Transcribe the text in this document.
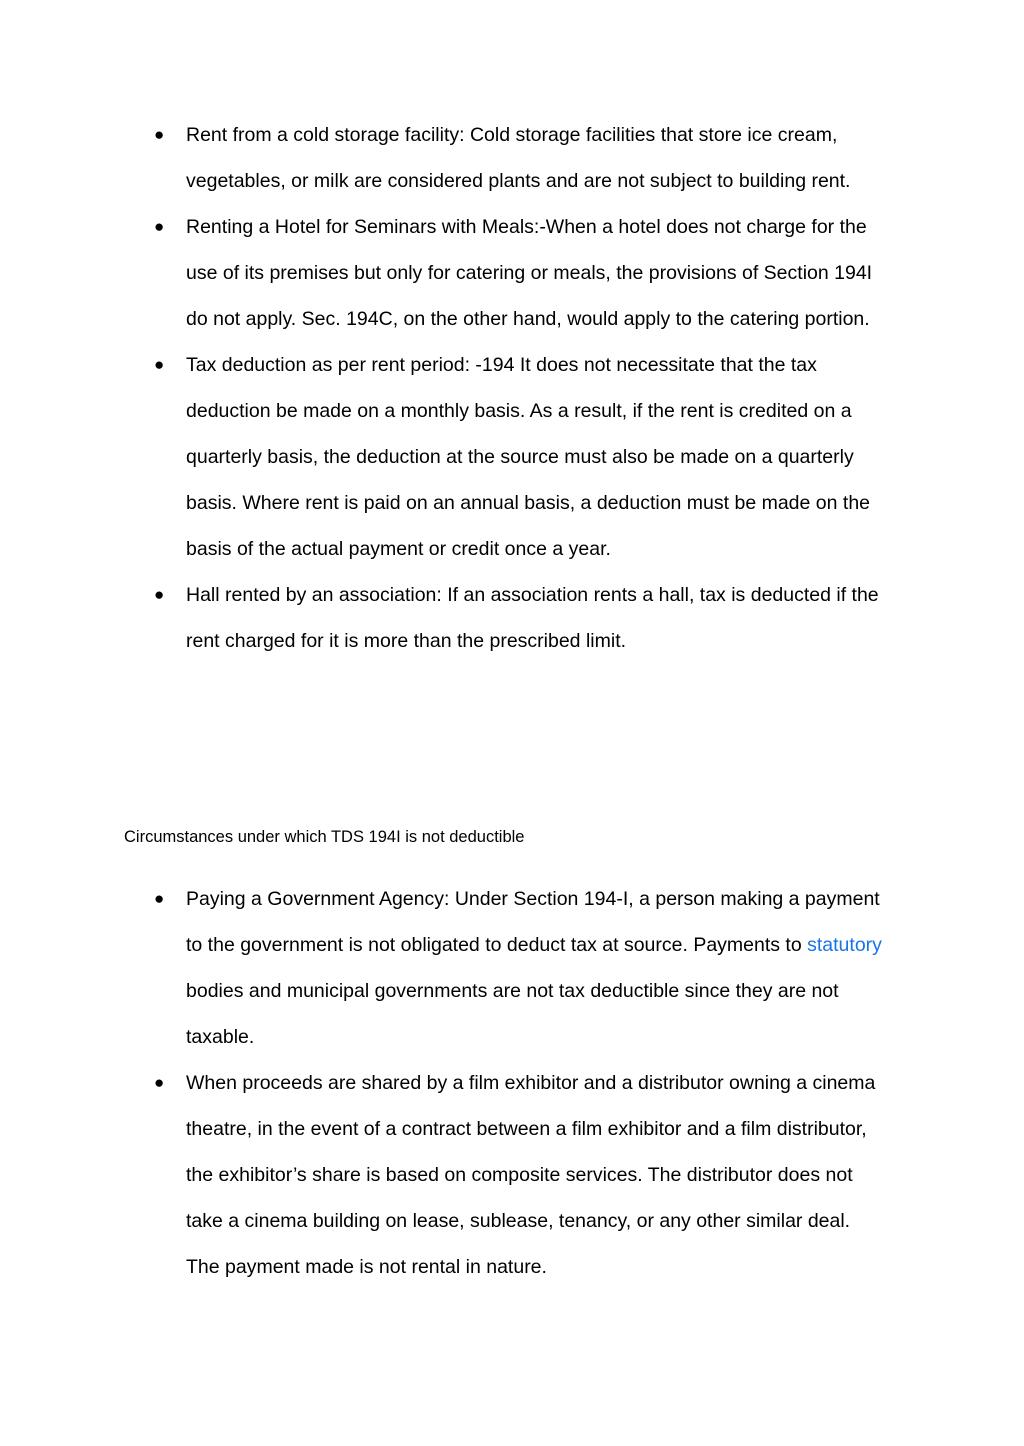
● Rent from a cold storage facility: Cold storage facilities that store ice cream, vegetables, or milk are considered plants and are not subject to building rent.
● Renting a Hotel for Seminars with Meals:-When a hotel does not charge for the use of its premises but only for catering or meals, the provisions of Section 194I do not apply. Sec. 194C, on the other hand, would apply to the catering portion.
● Tax deduction as per rent period: -194 It does not necessitate that the tax deduction be made on a monthly basis. As a result, if the rent is credited on a quarterly basis, the deduction at the source must also be made on a quarterly basis. Where rent is paid on an annual basis, a deduction must be made on the basis of the actual payment or credit once a year.
● Hall rented by an association: If an association rents a hall, tax is deducted if the rent charged for it is more than the prescribed limit.
Circumstances under which TDS 194I is not deductible
● Paying a Government Agency: Under Section 194-I, a person making a payment to the government is not obligated to deduct tax at source. Payments to statutory bodies and municipal governments are not tax deductible since they are not taxable.
● When proceeds are shared by a film exhibitor and a distributor owning a cinema theatre, in the event of a contract between a film exhibitor and a film distributor, the exhibitor’s share is based on composite services. The distributor does not take a cinema building on lease, sublease, tenancy, or any other similar deal. The payment made is not rental in nature.
